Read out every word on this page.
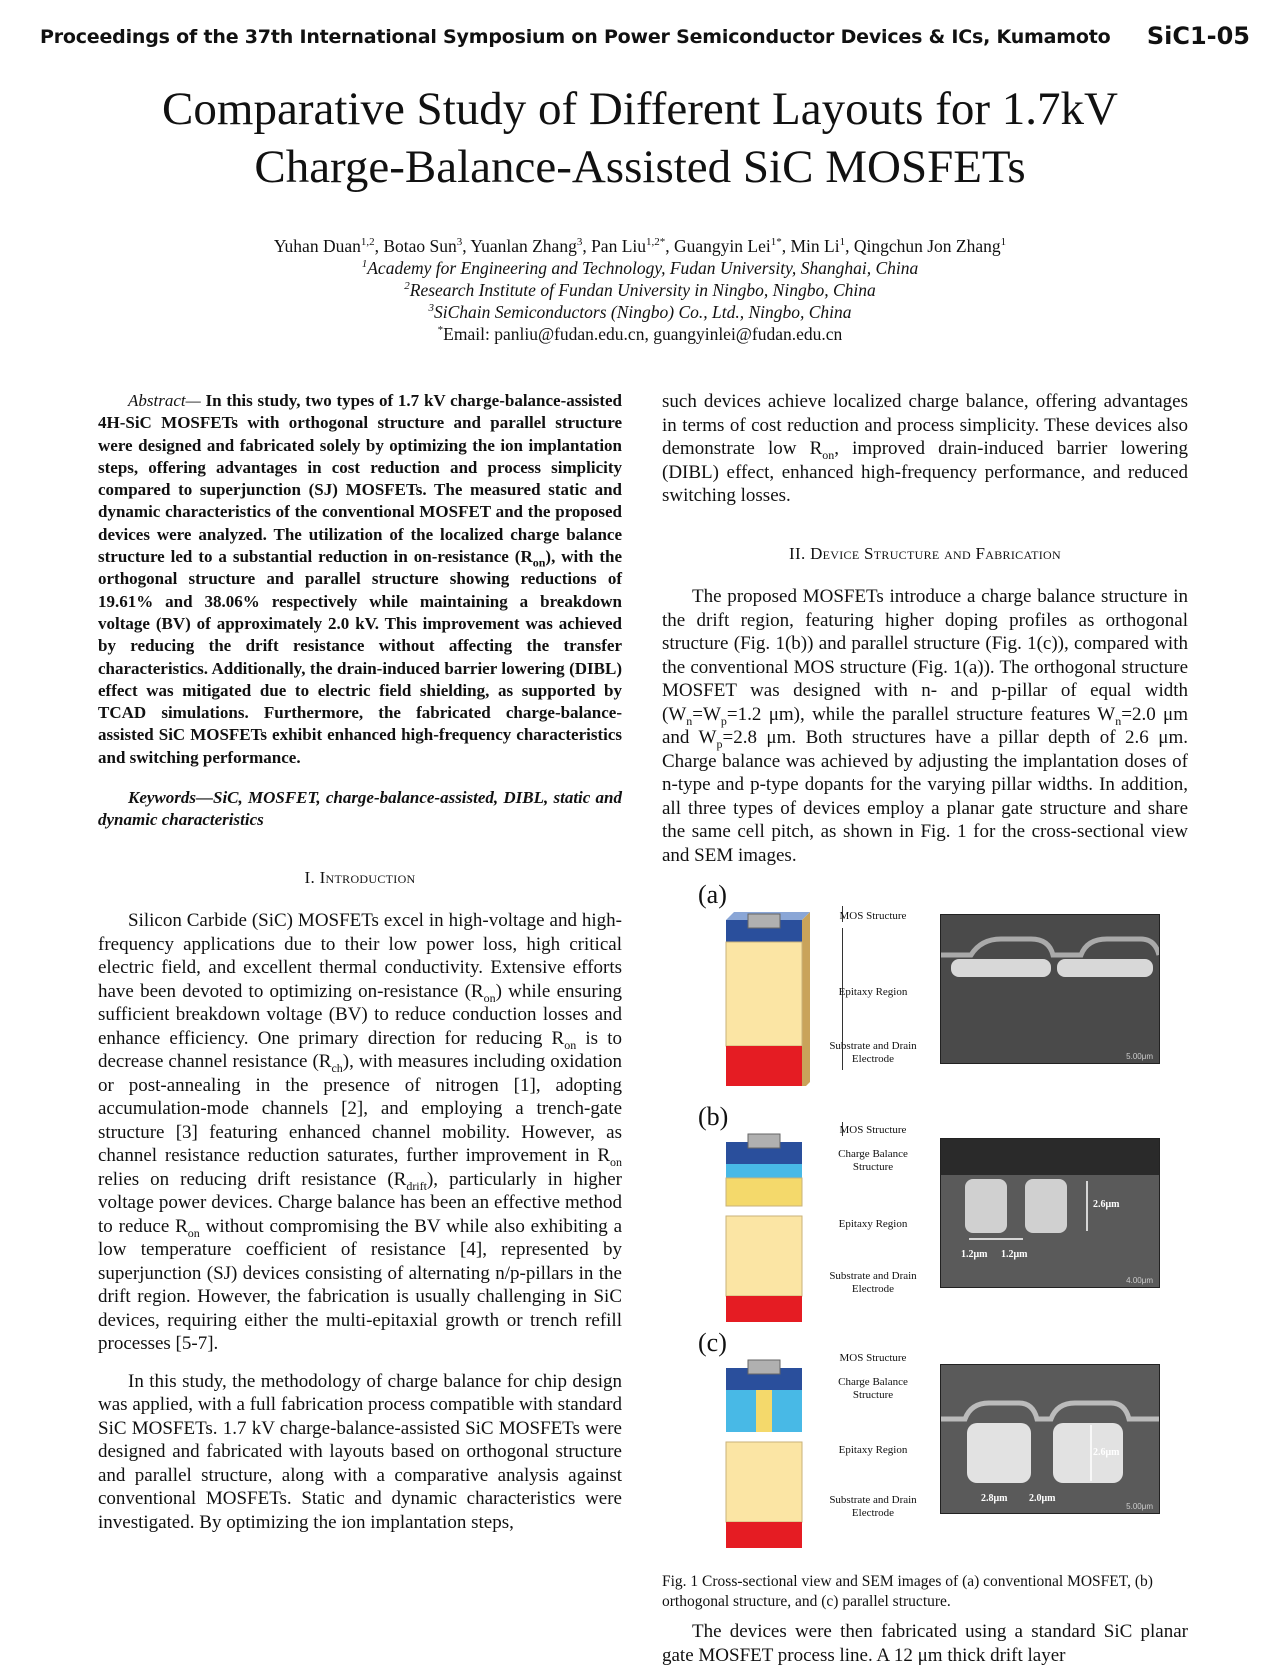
Proceedings of the 37th International Symposium on Power Semiconductor Devices & ICs, Kumamoto SiC1-05
Comparative Study of Different Layouts for 1.7kV
Charge-Balance-Assisted SiC MOSFETs
Yuhan Duan$^{1,2}$, Botao Sun$^3$, Yuanlan Zhang$^3$, Pan Liu$^{1,2*}$, Guangyin Lei$^{1*}$, Min Li$^1$, Qingchun Jon Zhang$^1$
$^1$Academy for Engineering and Technology, Fudan University, Shanghai, China
$^2$Research Institute of Fundan University in Ningbo, Ningbo, China
$^3$SiChain Semiconductors (Ningbo) Co., Ltd., Ningbo, China
*Email: panliu@fudan.edu.cn, guangyinlei@fudan.edu.cn

Abstract— In this study, two types of 1.7 kV charge-balance-assisted 4H-SiC MOSFETs with orthogonal structure and parallel structure were designed and fabricated solely by optimizing the ion implantation steps, offering advantages in cost reduction and process simplicity compared to superjunction (SJ) MOSFETs. The measured static and dynamic characteristics of the conventional MOSFET and the proposed devices were analyzed. The utilization of the localized charge balance structure led to a substantial reduction in on-resistance $(R_{on})$, with the orthogonal structure and parallel structure showing reductions of 19.61% and 38.06% respectively while maintaining a breakdown voltage (BV) of approximately 2.0 kV. This improvement was achieved by reducing the drift resistance without affecting the transfer characteristics. Additionally, the drain-induced barrier lowering (DIBL) effect was mitigated due to electric field shielding, as supported by TCAD simulations. Furthermore, the fabricated charge-balance-assisted SiC MOSFETs exhibit enhanced high-frequency characteristics and switching performance.

Keywords—SiC, MOSFET, charge-balance-assisted, DIBL, static and dynamic characteristics

I. Introduction

Silicon Carbide (SiC) MOSFETs excel in high-voltage and high-frequency applications due to their low power loss, high critical electric field, and excellent thermal conductivity. Extensive efforts have been devoted to optimizing on-resistance $(R_{on})$ while ensuring sufficient breakdown voltage (BV) to reduce conduction losses and enhance efficiency. One primary direction for reducing $R_{on}$ is to decrease channel resistance $(R_{ch})$, with measures including oxidation or post-annealing in the presence of nitrogen [1], adopting accumulation-mode channels [2], and employing a trench-gate structure [3] featuring enhanced channel mobility. However, as channel resistance reduction saturates, further improvement in $R_{on}$ relies on reducing drift resistance $(R_{drift})$, particularly in higher voltage power devices. Charge balance has been an effective method to reduce $R_{on}$ without compromising the BV while also exhibiting a low temperature coefficient of resistance [4], represented by superjunction (SJ) devices consisting of alternating n/p-pillars in the drift region. However, the fabrication is usually challenging in SiC devices, requiring either the multi-epitaxial growth or trench refill processes [5-7].

In this study, the methodology of charge balance for chip design was applied, with a full fabrication process compatible with standard SiC MOSFETs. 1.7 kV charge-balance-assisted SiC MOSFETs were designed and fabricated with layouts based on orthogonal structure and parallel structure, along with a comparative analysis against conventional MOSFETs. Static and dynamic characteristics were investigated. By optimizing the ion implantation steps,

such devices achieve localized charge balance, offering advantages in terms of cost reduction and process simplicity. These devices also demonstrate low $R_{on}$, improved drain-induced barrier lowering (DIBL) effect, enhanced high-frequency performance, and reduced switching losses.

II. Device Structure and Fabrication

The proposed MOSFETs introduce a charge balance structure in the drift region, featuring higher doping profiles as orthogonal structure (Fig. 1(b)) and parallel structure (Fig. 1(c)), compared with the conventional MOS structure (Fig. 1(a)). The orthogonal structure MOSFET was designed with n- and p-pillar of equal width ($W_n=W_p=1.2$ μm), while the parallel structure features $W_n=2.0$ μm and $W_p=2.8$ μm. Both structures have a pillar depth of 2.6 μm. Charge balance was achieved by adjusting the implantation doses of n-type and p-type dopants for the varying pillar widths. In addition, all three types of devices employ a planar gate structure and share the same cell pitch, as shown in Fig. 1 for the cross-sectional view and SEM images.

(a)
MOS Structure
Epitaxy Region
Substrate and Drain Electrode	5.00μm
(b)	MOS Structure
Charge Balance Structure
Epitaxy Region
Substrate and Drain Electrode
2.6μm
1.2μm 1.2μm
4.00μm
(c)
MOS Structure
Charge Balance Structure
Epitaxy Region
Substrate and Drain Electrode
2.6μm
2.8μm 2.0μm
5.00μm
Fig. 1 Cross-sectional view and SEM images of (a) conventional MOSFET, (b) orthogonal structure, and (c) parallel structure.

The devices were then fabricated using a standard SiC planar gate MOSFET process line. A 12 μm thick drift layer
